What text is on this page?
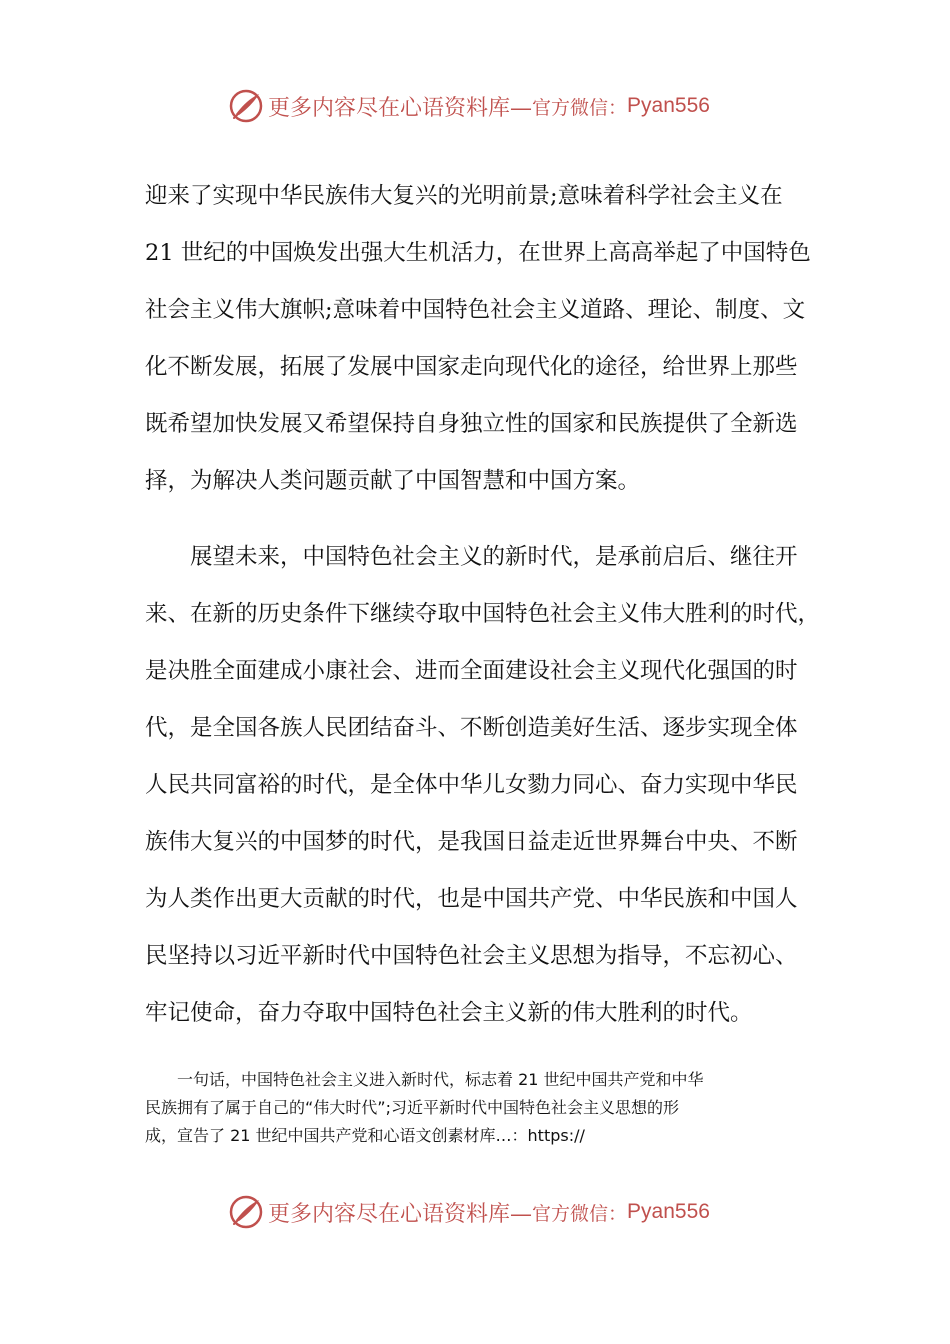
更多内容尽在心语资料库— 官方微信： Pyan556
迎来了实现中华民族伟大复兴的光明前景;意味着科学社会主义在
21 世纪的中国焕发出强大生机活力，在世界上高高举起了中国特色
社会主义伟大旗帜;意味着中国特色社会主义道路、理论、制度、文
化不断发展，拓展了发展中国家走向现代化的途径，给世界上那些
既希望加快发展又希望保持自身独立性的国家和民族提供了全新选
择，为解决人类问题贡献了中国智慧和中国方案。
　　展望未来，中国特色社会主义的新时代，是承前启后、继往开
来、在新的历史条件下继续夺取中国特色社会主义伟大胜利的时代，
是决胜全面建成小康社会、进而全面建设社会主义现代化强国的时
代，是全国各族人民团结奋斗、不断创造美好生活、逐步实现全体
人民共同富裕的时代，是全体中华儿女勠力同心、奋力实现中华民
族伟大复兴的中国梦的时代，是我国日益走近世界舞台中央、不断
为人类作出更大贡献的时代，也是中国共产党、中华民族和中国人
民坚持以习近平新时代中国特色社会主义思想为指导，不忘初心、
牢记使命，奋力夺取中国特色社会主义新的伟大胜利的时代。
　　一句话，中国特色社会主义进入新时代，标志着 21 世纪中国共产党和中华
民族拥有了属于自己的“伟大时代”;习近平新时代中国特色社会主义思想的形
成，宣告了 21 世纪中国共产党和心语文创素材库…：https://
更多内容尽在心语资料库— 官方微信： Pyan556
